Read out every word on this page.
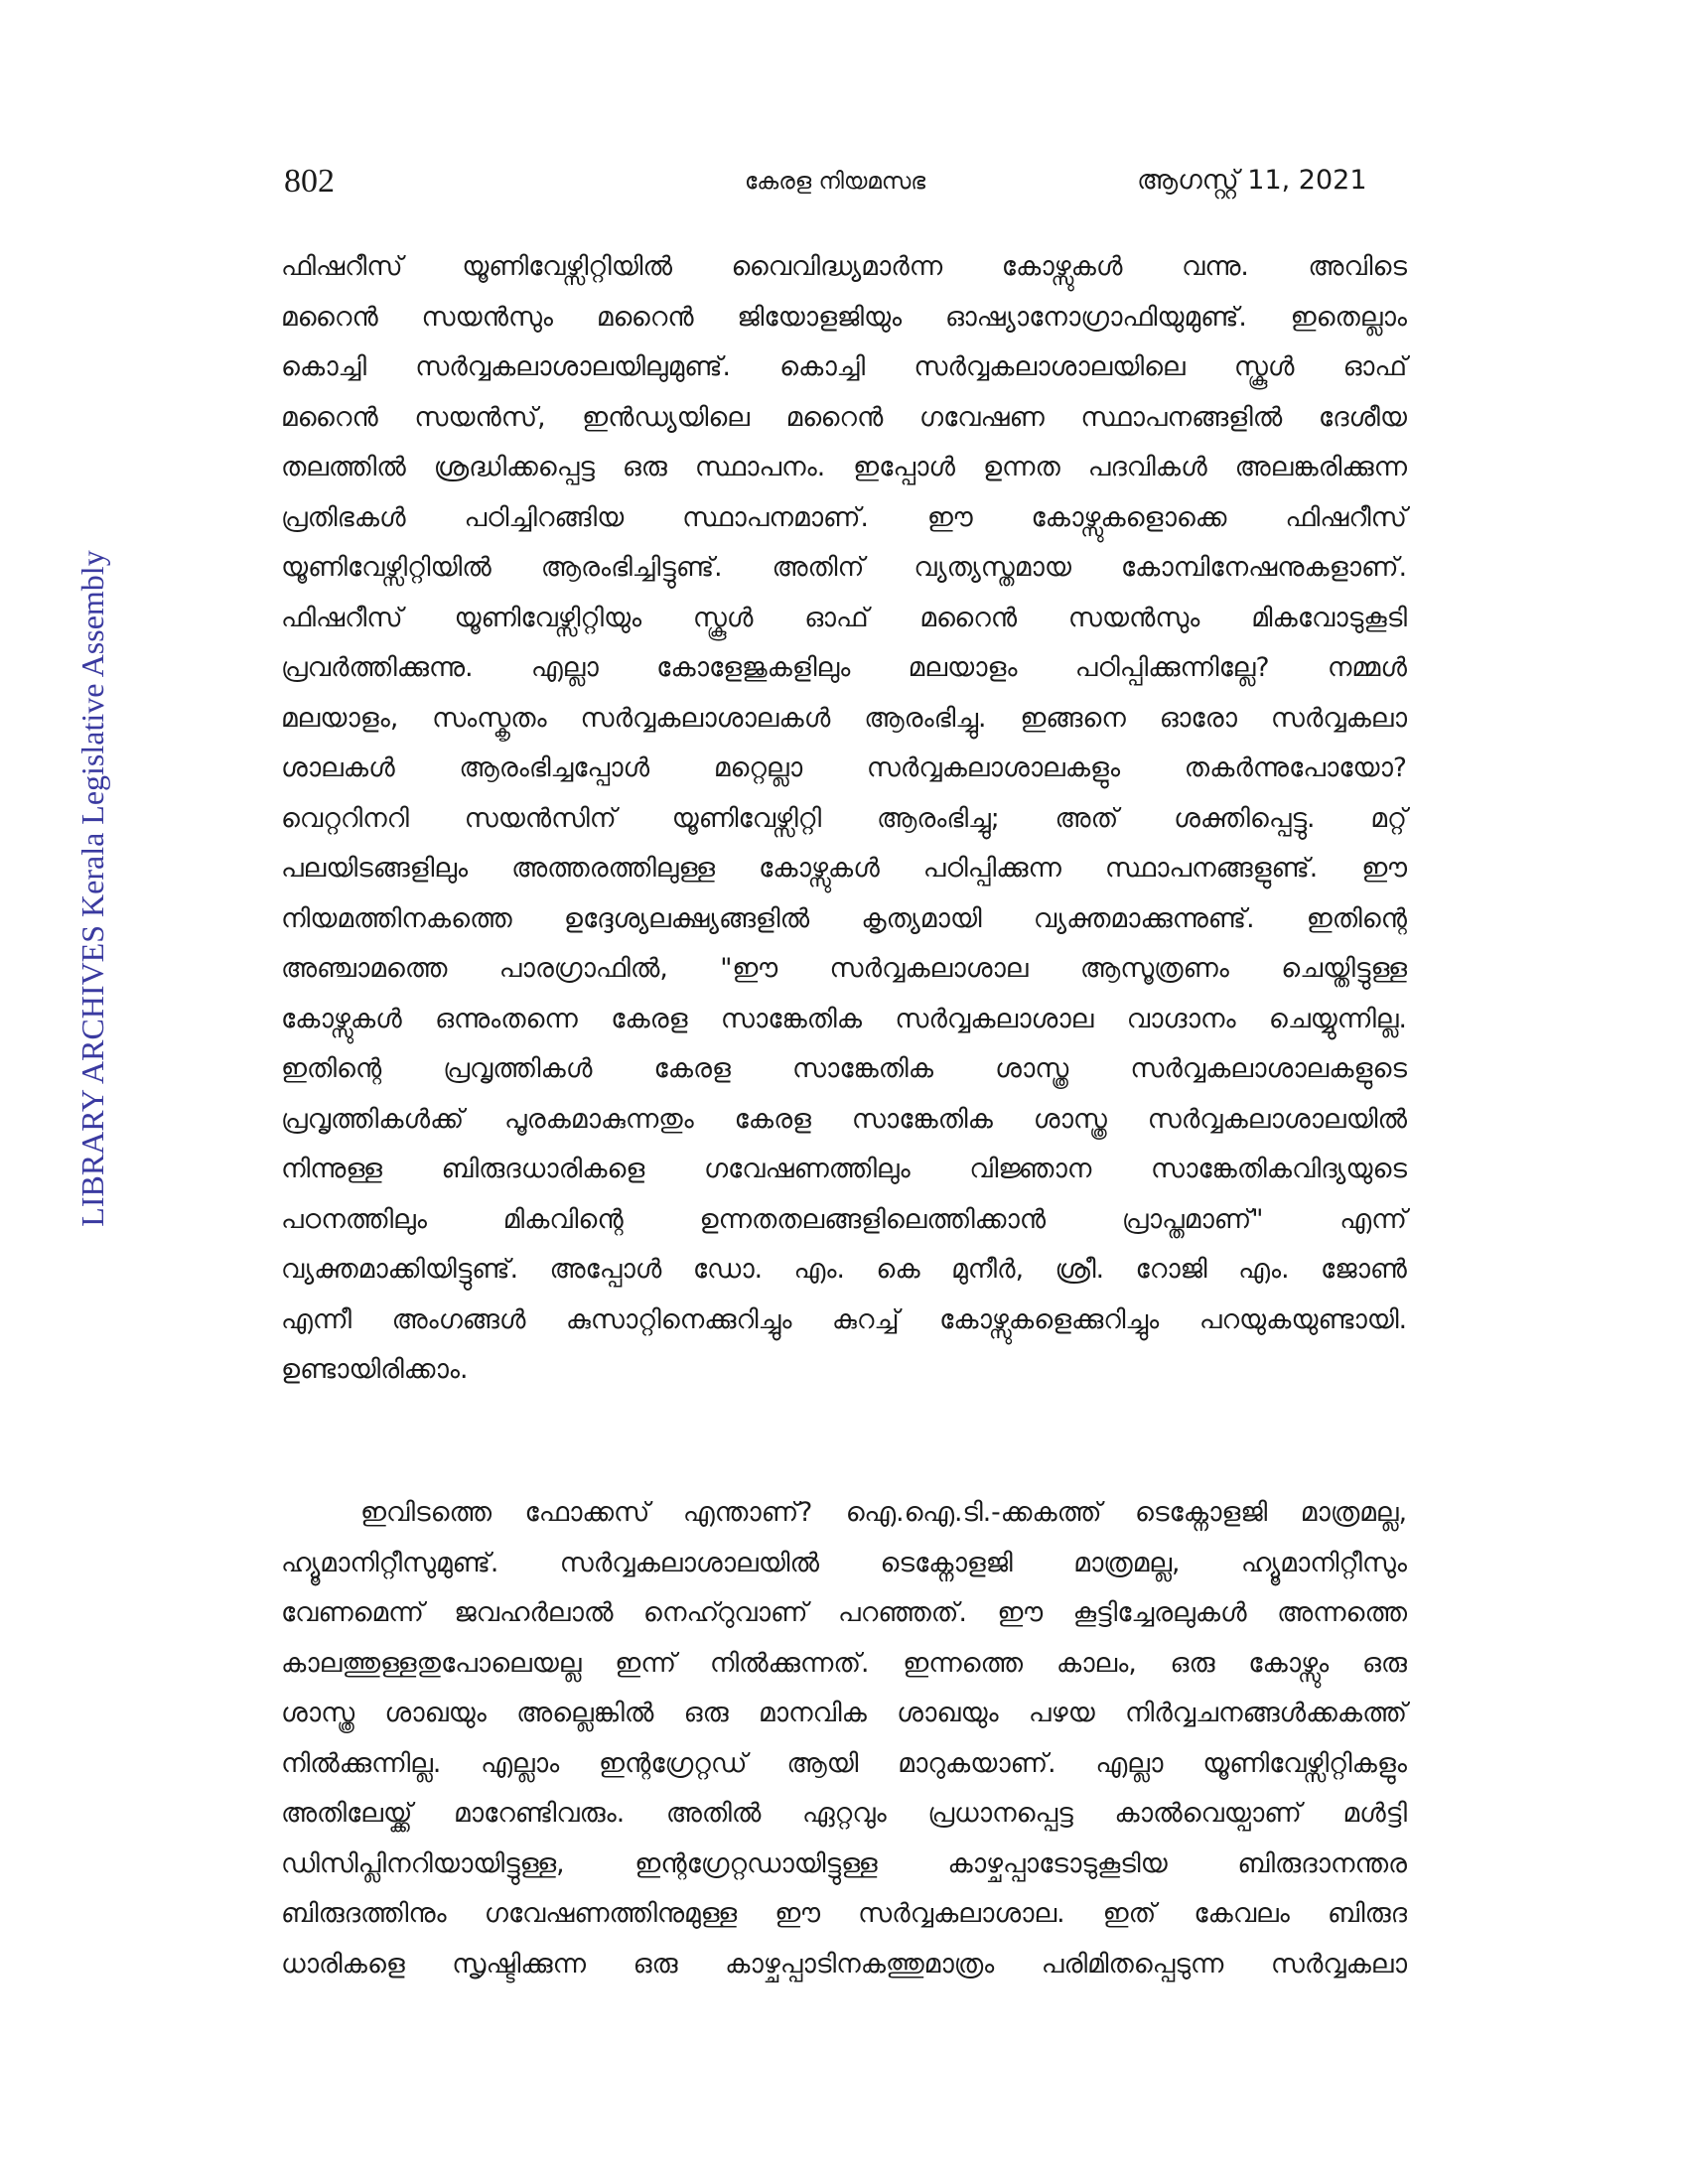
802	കേരള നിയമസഭ	ആഗസ്റ്റ് 11, 2021
LIBRARY ARCHIVES Kerala Legislative Assembly
ഫിഷറീസ് യൂണിവേഴ്സിറ്റിയിൽ വൈവിദ്ധ്യമാർന്ന കോഴ്സുകൾ വന്നു. അവിടെ
മറൈൻ സയൻസും മറൈൻ ജിയോളജിയും ഓഷ്യാനോഗ്രാഫിയുമുണ്ട്. ഇതെല്ലാം
കൊച്ചി സർവ്വകലാശാലയിലുമുണ്ട്. കൊച്ചി സർവ്വകലാശാലയിലെ സ്കൂൾ ഓഫ്
മറൈൻ സയൻസ്, ഇൻഡ്യയിലെ മറൈൻ ഗവേഷണ സ്ഥാപനങ്ങളിൽ ദേശീയ
തലത്തിൽ ശ്രദ്ധിക്കപ്പെട്ട ഒരു സ്ഥാപനം. ഇപ്പോൾ ഉന്നത പദവികൾ അലങ്കരിക്കുന്ന
പ്രതിഭകൾ പഠിച്ചിറങ്ങിയ സ്ഥാപനമാണ്. ഈ കോഴ്സുകളൊക്കെ ഫിഷറീസ്
യൂണിവേഴ്സിറ്റിയിൽ ആരംഭിച്ചിട്ടുണ്ട്. അതിന് വ്യത്യസ്തമായ കോമ്പിനേഷനുകളാണ്.
ഫിഷറീസ് യൂണിവേഴ്സിറ്റിയും സ്കൂൾ ഓഫ് മറൈൻ സയൻസും മികവോടുകൂടി
പ്രവർത്തിക്കുന്നു. എല്ലാ കോളേജുകളിലും മലയാളം പഠിപ്പിക്കുന്നില്ലേ? നമ്മൾ
മലയാളം, സംസ്കൃതം സർവ്വകലാശാലകൾ ആരംഭിച്ചു. ഇങ്ങനെ ഓരോ സർവ്വകലാ
ശാലകൾ ആരംഭിച്ചപ്പോൾ മറ്റെല്ലാ സർവ്വകലാശാലകളും തകർന്നുപോയോ?
വെറ്ററിനറി സയൻസിന് യൂണിവേഴ്സിറ്റി ആരംഭിച്ചു; അത് ശക്തിപ്പെട്ടു. മറ്റ്
പലയിടങ്ങളിലും അത്തരത്തിലുള്ള കോഴ്സുകൾ പഠിപ്പിക്കുന്ന സ്ഥാപനങ്ങളുണ്ട്. ഈ
നിയമത്തിനകത്തെ ഉദ്ദേശ്യലക്ഷ്യങ്ങളിൽ കൃത്യമായി വ്യക്തമാക്കുന്നുണ്ട്. ഇതിന്റെ
അഞ്ചാമത്തെ പാരഗ്രാഫിൽ, "ഈ സർവ്വകലാശാല ആസൂത്രണം ചെയ്തിട്ടുള്ള
കോഴ്സുകൾ ഒന്നുംതന്നെ കേരള സാങ്കേതിക സർവ്വകലാശാല വാഗ്ദാനം ചെയ്യുന്നില്ല.
ഇതിന്റെ പ്രവൃത്തികൾ കേരള സാങ്കേതിക ശാസ്ത്ര സർവ്വകലാശാലകളുടെ
പ്രവൃത്തികൾക്ക് പൂരകമാകുന്നതും കേരള സാങ്കേതിക ശാസ്ത്ര സർവ്വകലാശാലയിൽ
നിന്നുള്ള ബിരുദധാരികളെ ഗവേഷണത്തിലും വിജ്ഞാന സാങ്കേതികവിദ്യയുടെ
പഠനത്തിലും മികവിന്റെ ഉന്നതതലങ്ങളിലെത്തിക്കാൻ പ്രാപ്തമാണ്" എന്ന്
വ്യക്തമാക്കിയിട്ടുണ്ട്. അപ്പോൾ ഡോ. എം. കെ മുനീർ, ശ്രീ. റോജി എം. ജോൺ
എന്നീ അംഗങ്ങൾ കുസാറ്റിനെക്കുറിച്ചും കുറച്ച് കോഴ്സുകളെക്കുറിച്ചും പറയുകയുണ്ടായി.
ഉണ്ടായിരിക്കാം.
ഇവിടത്തെ ഫോക്കസ് എന്താണ്? ഐ.ഐ.ടി.-ക്കകത്ത് ടെക്നോളജി മാത്രമല്ല,
ഹ്യൂമാനിറ്റീസുമുണ്ട്. സർവ്വകലാശാലയിൽ ടെക്നോളജി മാത്രമല്ല, ഹ്യൂമാനിറ്റീസും
വേണമെന്ന് ജവഹർലാൽ നെഹ്റുവാണ് പറഞ്ഞത്. ഈ കൂട്ടിച്ചേരലുകൾ അന്നത്തെ
കാലത്തുള്ളതുപോലെയല്ല ഇന്ന് നിൽക്കുന്നത്. ഇന്നത്തെ കാലം, ഒരു കോഴ്സും ഒരു
ശാസ്ത്ര ശാഖയും അല്ലെങ്കിൽ ഒരു മാനവിക ശാഖയും പഴയ നിർവ്വചനങ്ങൾക്കകത്ത്
നിൽക്കുന്നില്ല. എല്ലാം ഇന്റഗ്രേറ്റഡ് ആയി മാറുകയാണ്. എല്ലാ യൂണിവേഴ്സിറ്റികളും
അതിലേയ്ക്ക് മാറേണ്ടിവരും. അതിൽ ഏറ്റവും പ്രധാനപ്പെട്ട കാൽവെയ്പാണ് മൾട്ടി
ഡിസിപ്ലിനറിയായിട്ടുള്ള, ഇന്റഗ്രേറ്റഡായിട്ടുള്ള കാഴ്ചപ്പാടോടുകൂടിയ ബിരുദാനന്തര
ബിരുദത്തിനും ഗവേഷണത്തിനുമുള്ള ഈ സർവ്വകലാശാല. ഇത് കേവലം ബിരുദ
ധാരികളെ സൃഷ്ടിക്കുന്ന ഒരു കാഴ്ചപ്പാടിനകത്തുമാത്രം പരിമിതപ്പെടുന്ന സർവ്വകലാ
